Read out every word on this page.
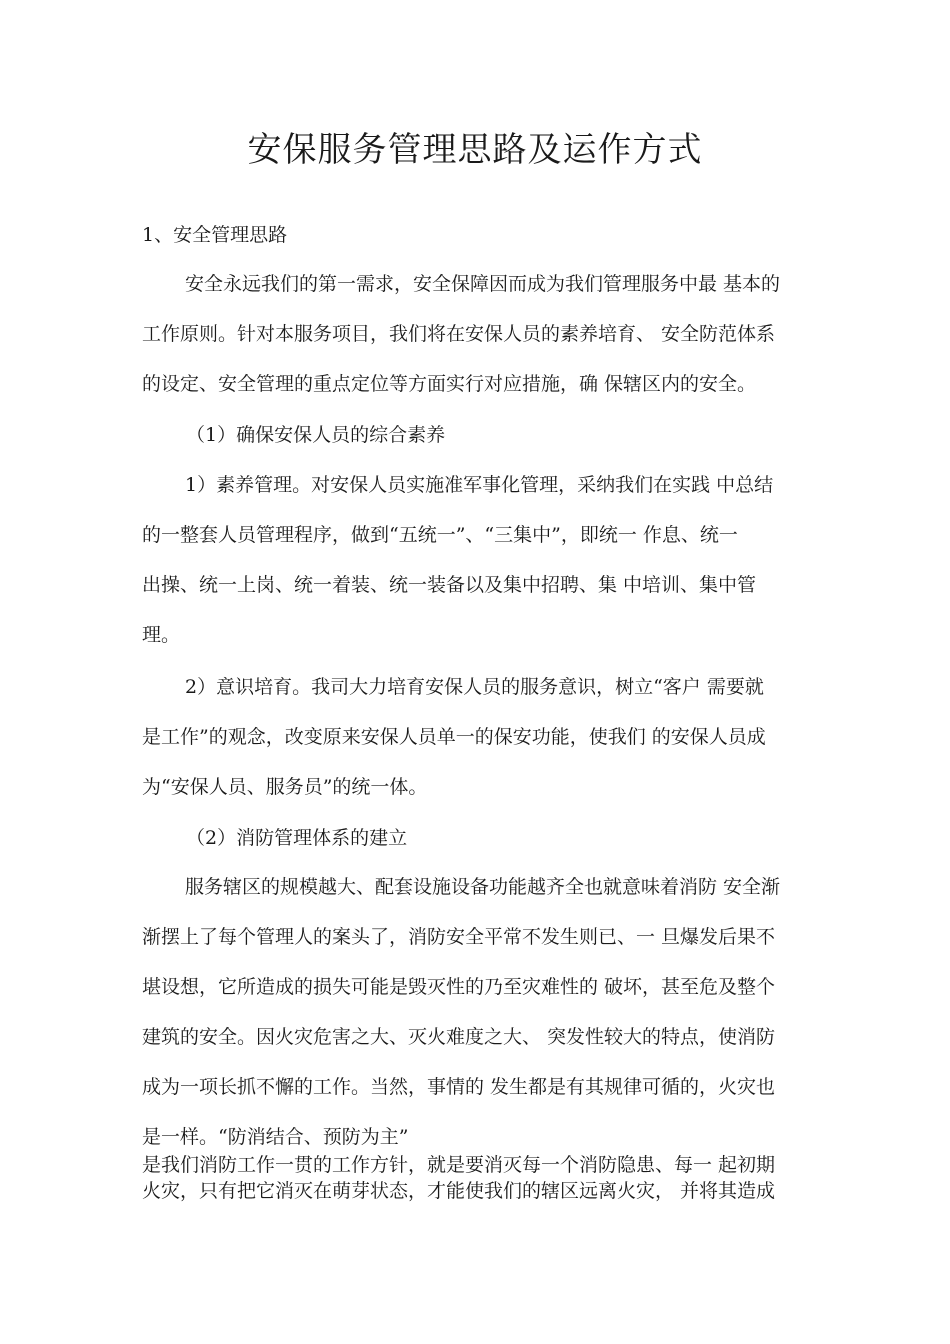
安保服务管理思路及运作方式
1、安全管理思路
安全永远我们的第一需求，安全保障因而成为我们管理服务中最 基本的
工作原则。针对本服务项目，我们将在安保人员的素养培育、 安全防范体系
的设定、安全管理的重点定位等方面实行对应措施，确 保辖区内的安全。
（1）确保安保人员的综合素养
1）素养管理。对安保人员实施准军事化管理，采纳我们在实践 中总结
的一整套人员管理程序，做到“五统一”、“三集中”，即统一 作息、统一
出操、统一上岗、统一着装、统一装备以及集中招聘、集 中培训、集中管
理。
2）意识培育。我司大力培育安保人员的服务意识，树立“客户 需要就
是工作”的观念，改变原来安保人员单一的保安功能，使我们 的安保人员成
为“安保人员、服务员”的统一体。
（2）消防管理体系的建立
服务辖区的规模越大、配套设施设备功能越齐全也就意味着消防 安全渐
渐摆上了每个管理人的案头了，消防安全平常不发生则已、一 旦爆发后果不
堪设想，它所造成的损失可能是毁灭性的乃至灾难性的 破坏，甚至危及整个
建筑的安全。因火灾危害之大、灭火难度之大、 突发性较大的特点，使消防
成为一项长抓不懈的工作。当然，事情的 发生都是有其规律可循的，火灾也
是一样。“防消结合、预防为主”
是我们消防工作一贯的工作方针，就是要消灭每一个消防隐患、每一 起初期
火灾，只有把它消灭在萌芽状态，才能使我们的辖区远离火灾， 并将其造成
